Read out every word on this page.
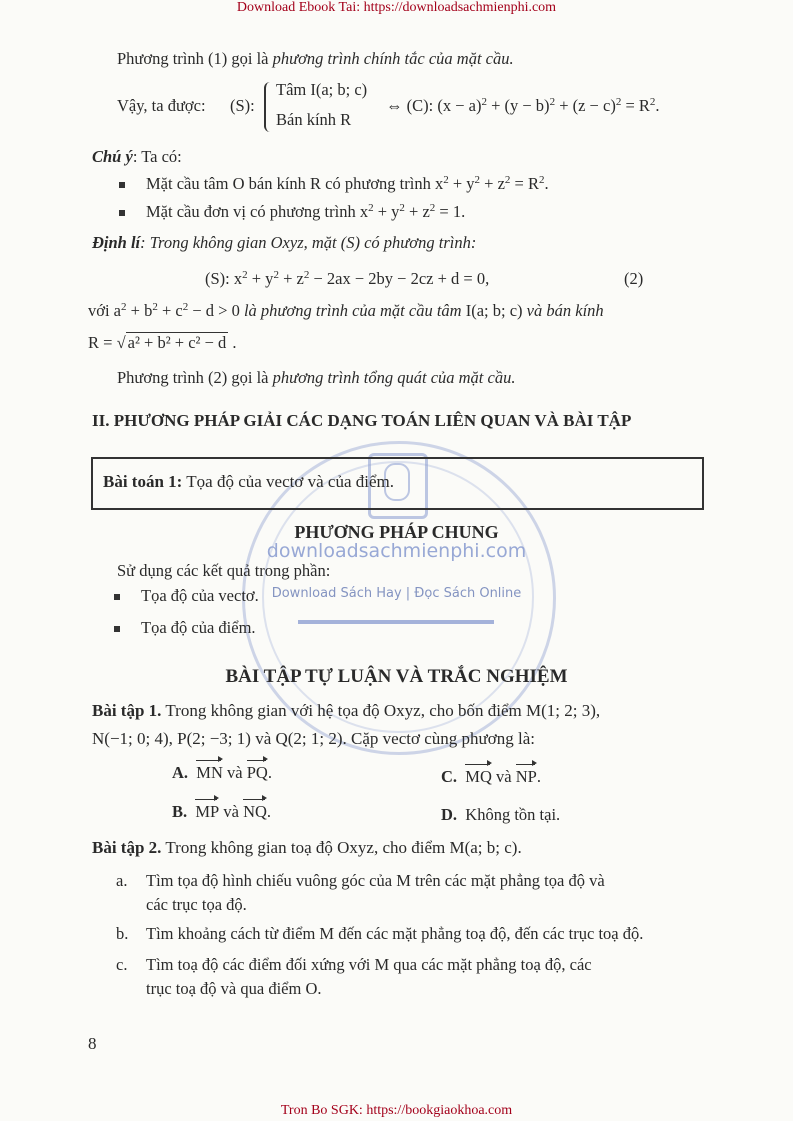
downloadsachmienphi.com
Download Sách Hay | Đọc Sách Online
Download Ebook Tai: https://downloadsachmienphi.com
Phương trình (1) gọi là phương trình chính tắc của mặt cầu.
Vậy, ta được: (S):
Tâm I(a; b; c)
Bán kính R
⇔ (C): $(x - a)^2 + (y - b)^2 + (z - c)^2 = R^2$.
Chú ý: Ta có:
Mặt cầu tâm O bán kính R có phương trình $x^2 + y^2 + z^2 = R^2$.
Mặt cầu đơn vị có phương trình $x^2 + y^2 + z^2 = 1$.
Định lí: Trong không gian Oxyz, mặt (S) có phương trình:
(S): $x^2 + y^2 + z^2 - 2ax - 2by - 2cz + d = 0$,	(2)
với $a^2 + b^2 + c^2 - d > 0$ là phương trình của mặt cầu tâm I(a; b; c) và bán kính
R = √ a² + b² + c² − d .
Phương trình (2) gọi là phương trình tổng quát của mặt cầu.
II. PHƯƠNG PHÁP GIẢI CÁC DẠNG TOÁN LIÊN QUAN VÀ BÀI TẬP
Bài toán 1: Tọa độ của vectơ và của điểm.
PHƯƠNG PHÁP CHUNG
Sử dụng các kết quả trong phần:
Tọa độ của vectơ.
Tọa độ của điểm.
BÀI TẬP TỰ LUẬN VÀ TRẮC NGHIỆM
Bài tập 1. Trong không gian với hệ tọa độ Oxyz, cho bốn điểm M(1; 2; 3),
N(−1; 0; 4), P(2; −3; 1) và Q(2; 1; 2). Cặp vectơ cùng phương là:
A. MN và PQ.	C. MQ và NP.
B. MP và NQ.	D. Không tồn tại.
Bài tập 2. Trong không gian toạ độ Oxyz, cho điểm M(a; b; c).
a. Tìm tọa độ hình chiếu vuông góc của M trên các mặt phẳng tọa độ và
các trục tọa độ.
b. Tìm khoảng cách từ điểm M đến các mặt phẳng toạ độ, đến các trục toạ độ.
c. Tìm toạ độ các điểm đối xứng với M qua các mặt phẳng toạ độ, các
trục toạ độ và qua điểm O.
8
Tron Bo SGK: https://bookgiaokhoa.com
